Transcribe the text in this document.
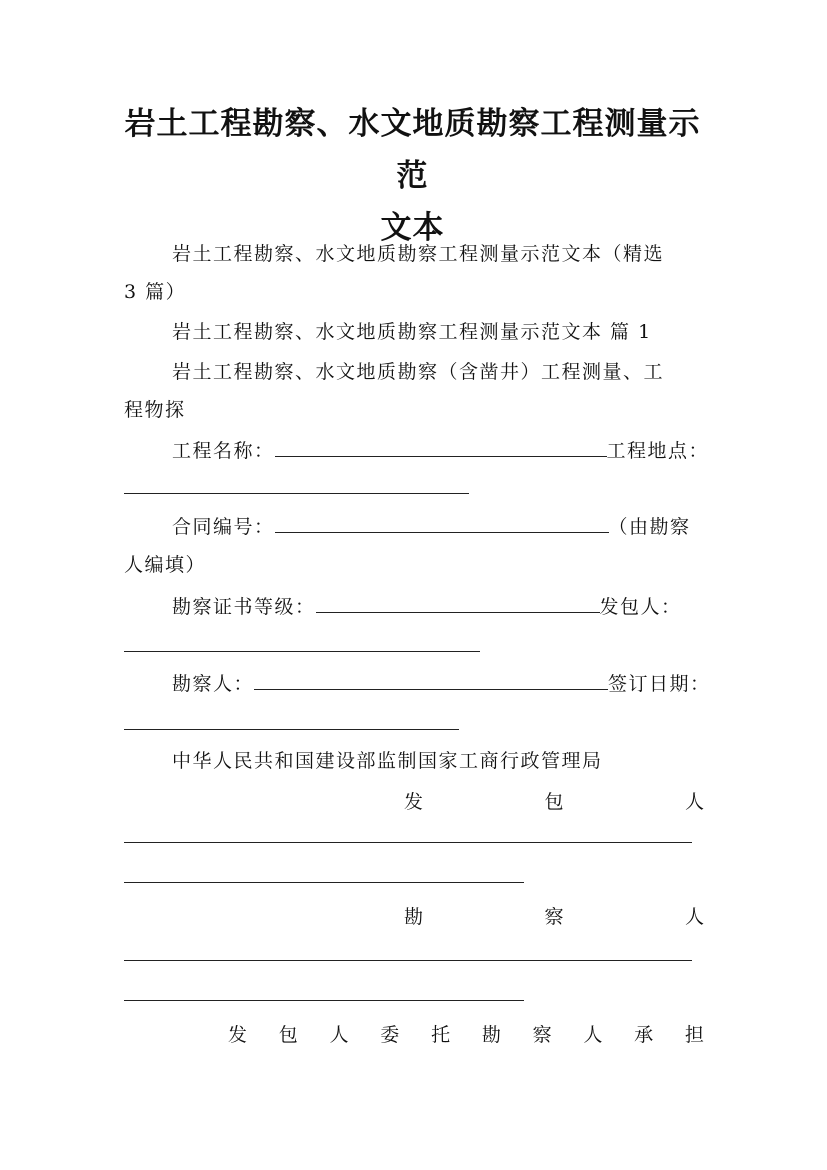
岩土工程勘察、水文地质勘察工程测量示范
文本
岩土工程勘察、水文地质勘察工程测量示范文本（精选
3 篇）
岩土工程勘察、水文地质勘察工程测量示范文本 篇 1
岩土工程勘察、水文地质勘察（含凿井）工程测量、工
程物探
工程名称：	工程地点：
合同编号：	（由勘察
人编填）
勘察证书等级：	发包人：
勘察人：	签订日期：
中华人民共和国建设部监制国家工商行政管理局
发	包	人
勘	察	人
发 包 人 委 托 勘 察 人 承 担
